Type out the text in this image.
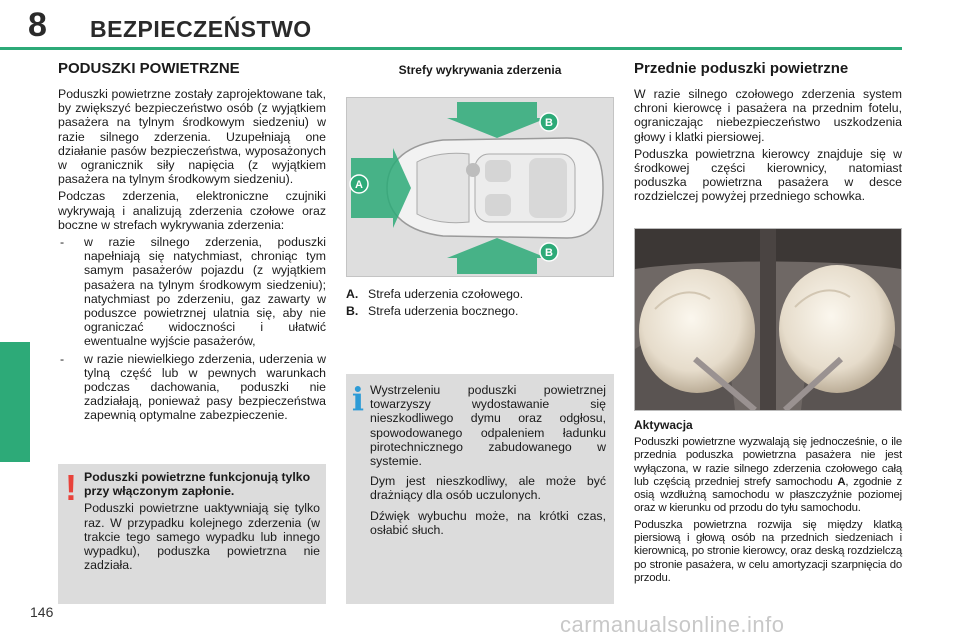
8 BEZPIECZEŃSTWO
PODUSZKI POWIETRZNE

Poduszki powietrzne zostały zaprojektowane tak, by zwiększyć bezpieczeństwo osób (z wyjątkiem pasażera na tylnym środkowym siedzeniu) w razie silnego zderzenia. Uzupełniają one działanie pasów bezpieczeństwa, wyposażonych w ogranicznik siły napięcia (z wyjątkiem pasażera na tylnym środkowym siedzeniu).

Podczas zderzenia, elektroniczne czujniki wykrywają i analizują zderzenia czołowe oraz boczne w strefach wykrywania zderzenia:

- w razie silnego zderzenia, poduszki napełniają się natychmiast, chroniąc tym samym pasażerów pojazdu (z wyjątkiem pasażera na tylnym środkowym siedzeniu); natychmiast po zderzeniu, gaz zawarty w poduszce powietrznej ulatnia się, aby nie ograniczać widoczności i ułatwić ewentualne wyjście pasażerów,
- w razie niewielkiego zderzenia, uderzenia w tylną część lub w pewnych warunkach podczas dachowania, poduszki nie zadziałają, ponieważ pasy bezpieczeństwa zapewnią optymalne zabezpieczenie.
! Poduszki powietrzne funkcjonują tylko przy włączonym zapłonie.

Poduszki powietrzne uaktywniają się tylko raz. W przypadku kolejnego zderzenia (w trakcie tego samego wypadku lub innego wypadku), poduszka powietrzna nie zadziała.

Strefy wykrywania zderzenia
A
B
B
A. Strefa uderzenia czołowego.
B. Strefa uderzenia bocznego.
i Wystrzeleniu poduszki powietrznej towarzyszy wydostawanie się nieszkodliwego dymu oraz odgłosu, spowodowanego odpaleniem ładunku pirotechnicznego zabudowanego w systemie.

Dym jest nieszkodliwy, ale może być drażniący dla osób uczulonych.

Dźwięk wybuchu może, na krótki czas, osłabić słuch.

Przednie poduszki powietrzne

W razie silnego czołowego zderzenia system chroni kierowcę i pasażera na przednim fotelu, ograniczając niebezpieczeństwo uszkodzenia głowy i klatki piersiowej.

Poduszka powietrzna kierowcy znajduje się w środkowej części kierownicy, natomiast poduszka powietrzna pasażera w desce rozdzielczej powyżej przedniego schowka.

Aktywacja

Poduszki powietrzne wyzwalają się jednocześnie, o ile przednia poduszka powietrzna pasażera nie jest wyłączona, w razie silnego zderzenia czołowego całą lub częścią przedniej strefy samochodu A, zgodnie z osią wzdłużną samochodu w płaszczyźnie poziomej oraz w kierunku od przodu do tyłu samochodu.

Poduszka powietrzna rozwija się między klatką piersiową i głową osób na przednich siedzeniach i kierownicą, po stronie kierowcy, oraz deską rozdzielczą po stronie pasażera, w celu amortyzacji szarpnięcia do przodu.

146	carmanualsonline.info
